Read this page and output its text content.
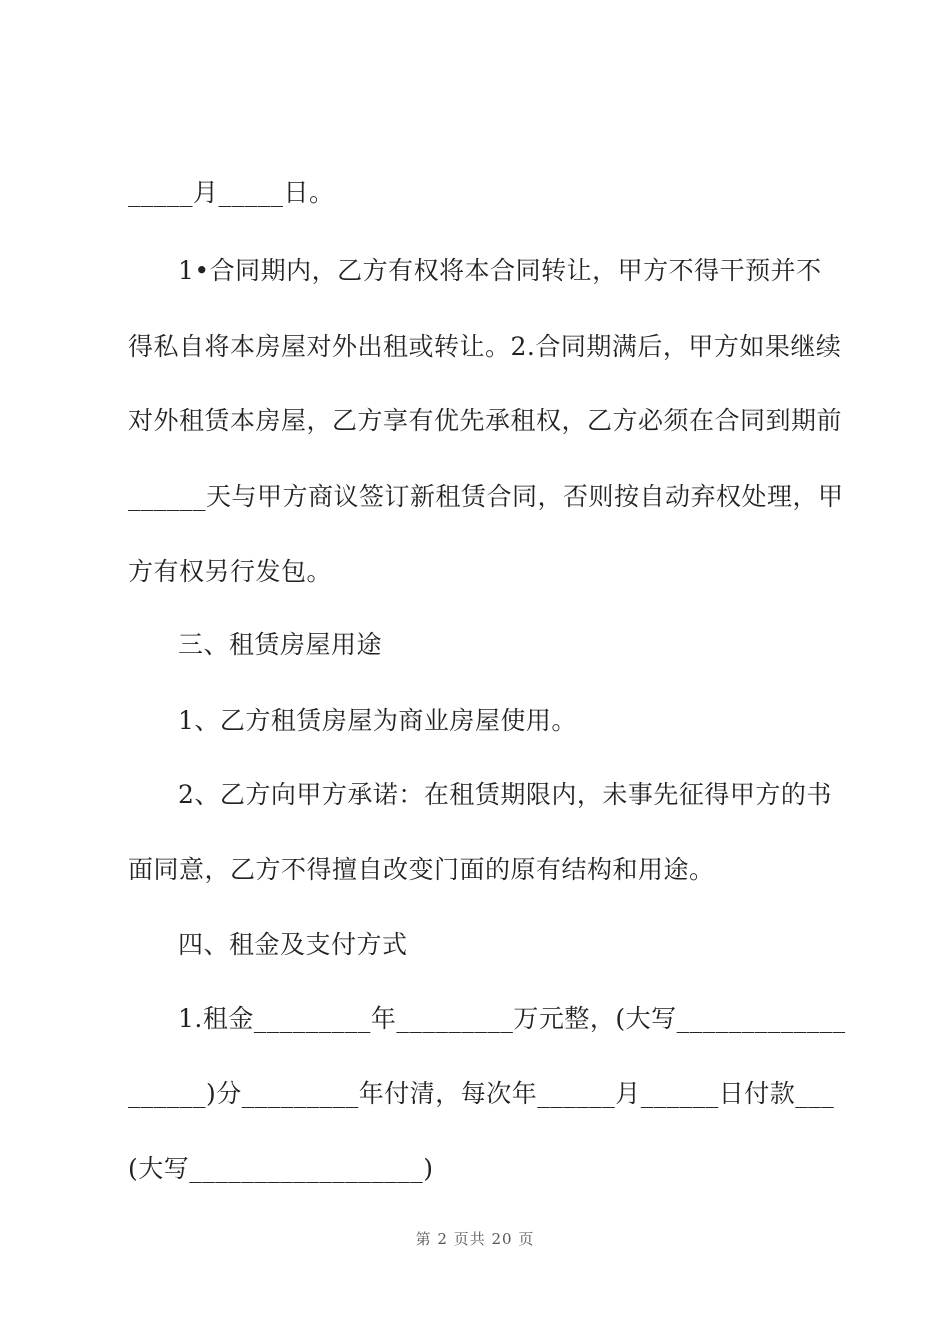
_____月_____日。
1•合同期内，乙方有权将本合同转让，甲方不得干预并不
得私自将本房屋对外出租或转让。2.合同期满后，甲方如果继续
对外租赁本房屋，乙方享有优先承租权，乙方必须在合同到期前
______天与甲方商议签订新租赁合同，否则按自动弃权处理，甲
方有权另行发包。
三、租赁房屋用途
1、乙方租赁房屋为商业房屋使用。
2、乙方向甲方承诺：在租赁期限内，未事先征得甲方的书
面同意，乙方不得擅自改变门面的原有结构和用途。
四、租金及支付方式
1.租金_________年_________万元整，(大写_____________
______)分_________年付清，每次年______月______日付款___
(大写__________________)
第 2 页共 20 页
